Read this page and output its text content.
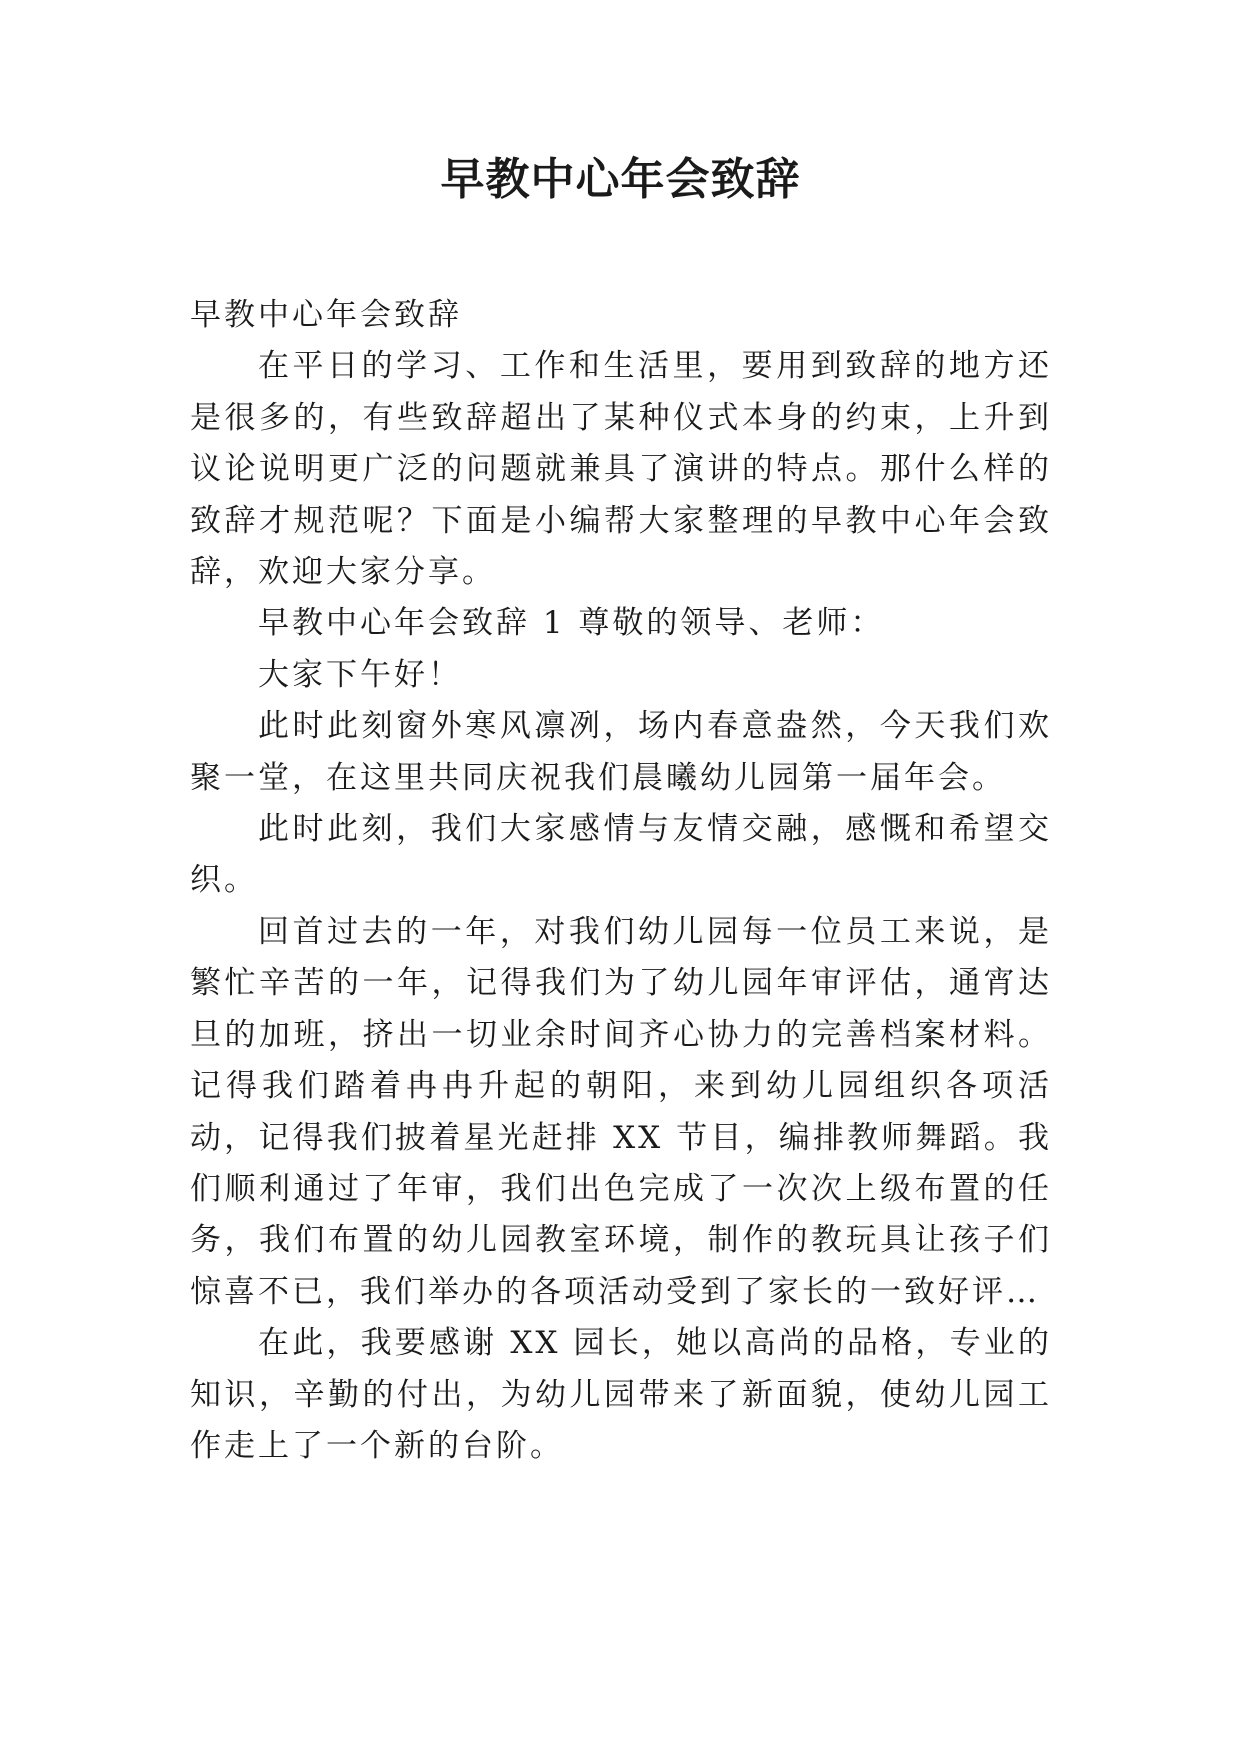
早教中心年会致辞

早教中心年会致辞

在平日的学习、工作和生活里，要用到致辞的地方还是很多的，有些致辞超出了某种仪式本身的约束，上升到议论说明更广泛的问题就兼具了演讲的特点。那什么样的致辞才规范呢？下面是小编帮大家整理的早教中心年会致辞，欢迎大家分享。

早教中心年会致辞 1 尊敬的领导、老师：

大家下午好！

此时此刻窗外寒风凛冽，场内春意盎然，今天我们欢聚一堂，在这里共同庆祝我们晨曦幼儿园第一届年会。

此时此刻，我们大家感情与友情交融，感慨和希望交织。

回首过去的一年，对我们幼儿园每一位员工来说，是繁忙辛苦的一年，记得我们为了幼儿园年审评估，通宵达旦的加班，挤出一切业余时间齐心协力的完善档案材料。记得我们踏着冉冉升起的朝阳，来到幼儿园组织各项活动，记得我们披着星光赶排 XX 节目，编排教师舞蹈。我们顺利通过了年审，我们出色完成了一次次上级布置的任务，我们布置的幼儿园教室环境，制作的教玩具让孩子们惊喜不已，我们举办的各项活动受到了家长的一致好评…

在此，我要感谢 XX 园长，她以高尚的品格，专业的知识，辛勤的付出，为幼儿园带来了新面貌，使幼儿园工作走上了一个新的台阶。
